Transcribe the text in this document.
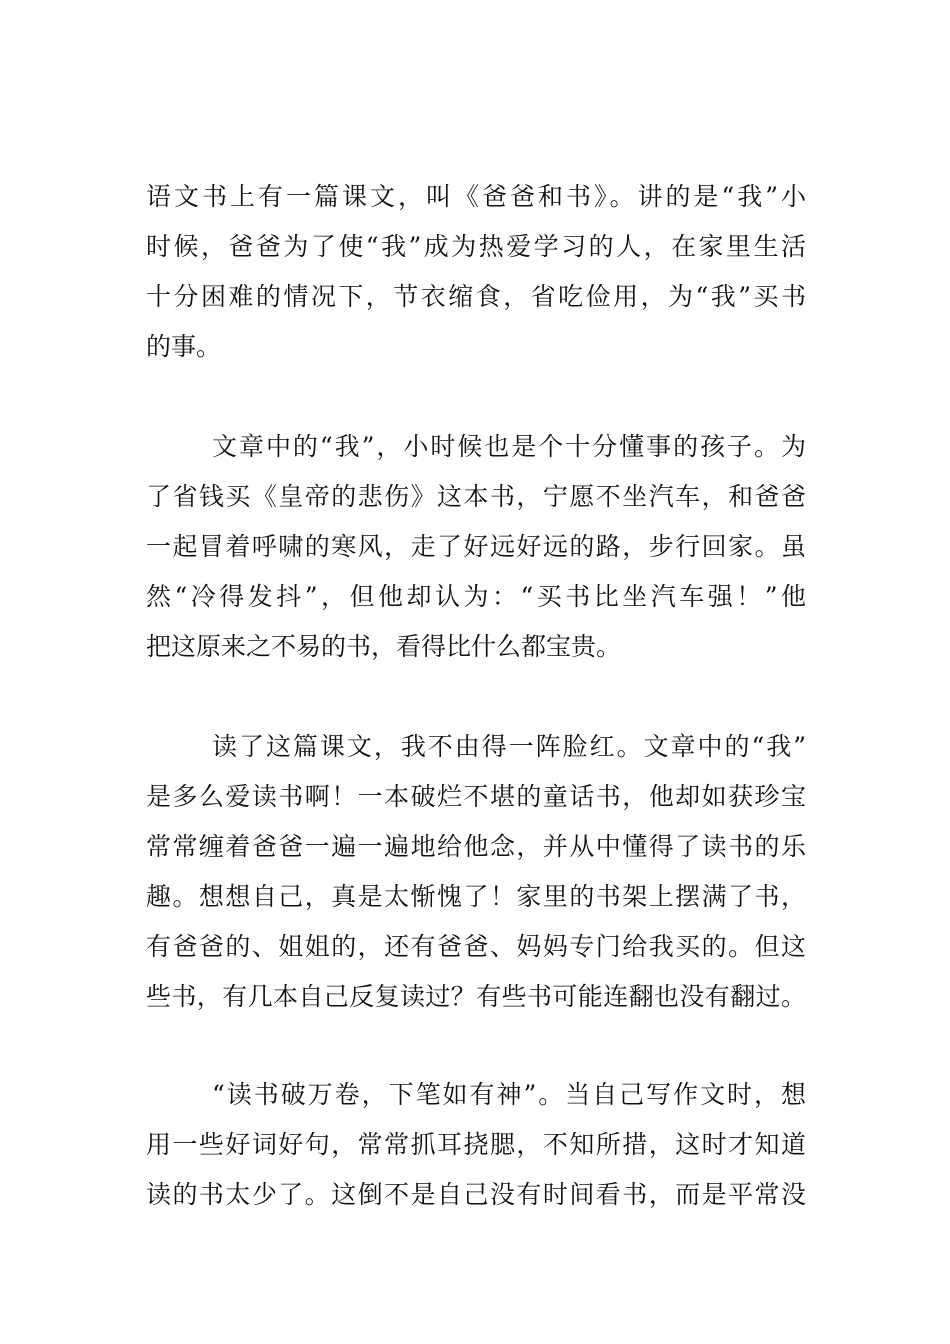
语文书上有一篇课文，叫《爸爸和书》。讲的是“我”小
时候，爸爸为了使“我”成为热爱学习的人，在家里生活
十分困难的情况下，节衣缩食，省吃俭用，为“我”买书
的事。
文章中的“我”，小时候也是个十分懂事的孩子。为
了省钱买《皇帝的悲伤》这本书，宁愿不坐汽车，和爸爸
一起冒着呼啸的寒风，走了好远好远的路，步行回家。虽
然“冷得发抖”，但他却认为：“买书比坐汽车强！”他
把这原来之不易的书，看得比什么都宝贵。
读了这篇课文，我不由得一阵脸红。文章中的“我”
是多么爱读书啊！一本破烂不堪的童话书，他却如获珍宝
常常缠着爸爸一遍一遍地给他念，并从中懂得了读书的乐
趣。想想自己，真是太惭愧了！家里的书架上摆满了书，
有爸爸的、姐姐的，还有爸爸、妈妈专门给我买的。但这
些书，有几本自己反复读过？有些书可能连翻也没有翻过。
“读书破万卷，下笔如有神”。当自己写作文时，想
用一些好词好句，常常抓耳挠腮，不知所措，这时才知道
读的书太少了。这倒不是自己没有时间看书，而是平常没
